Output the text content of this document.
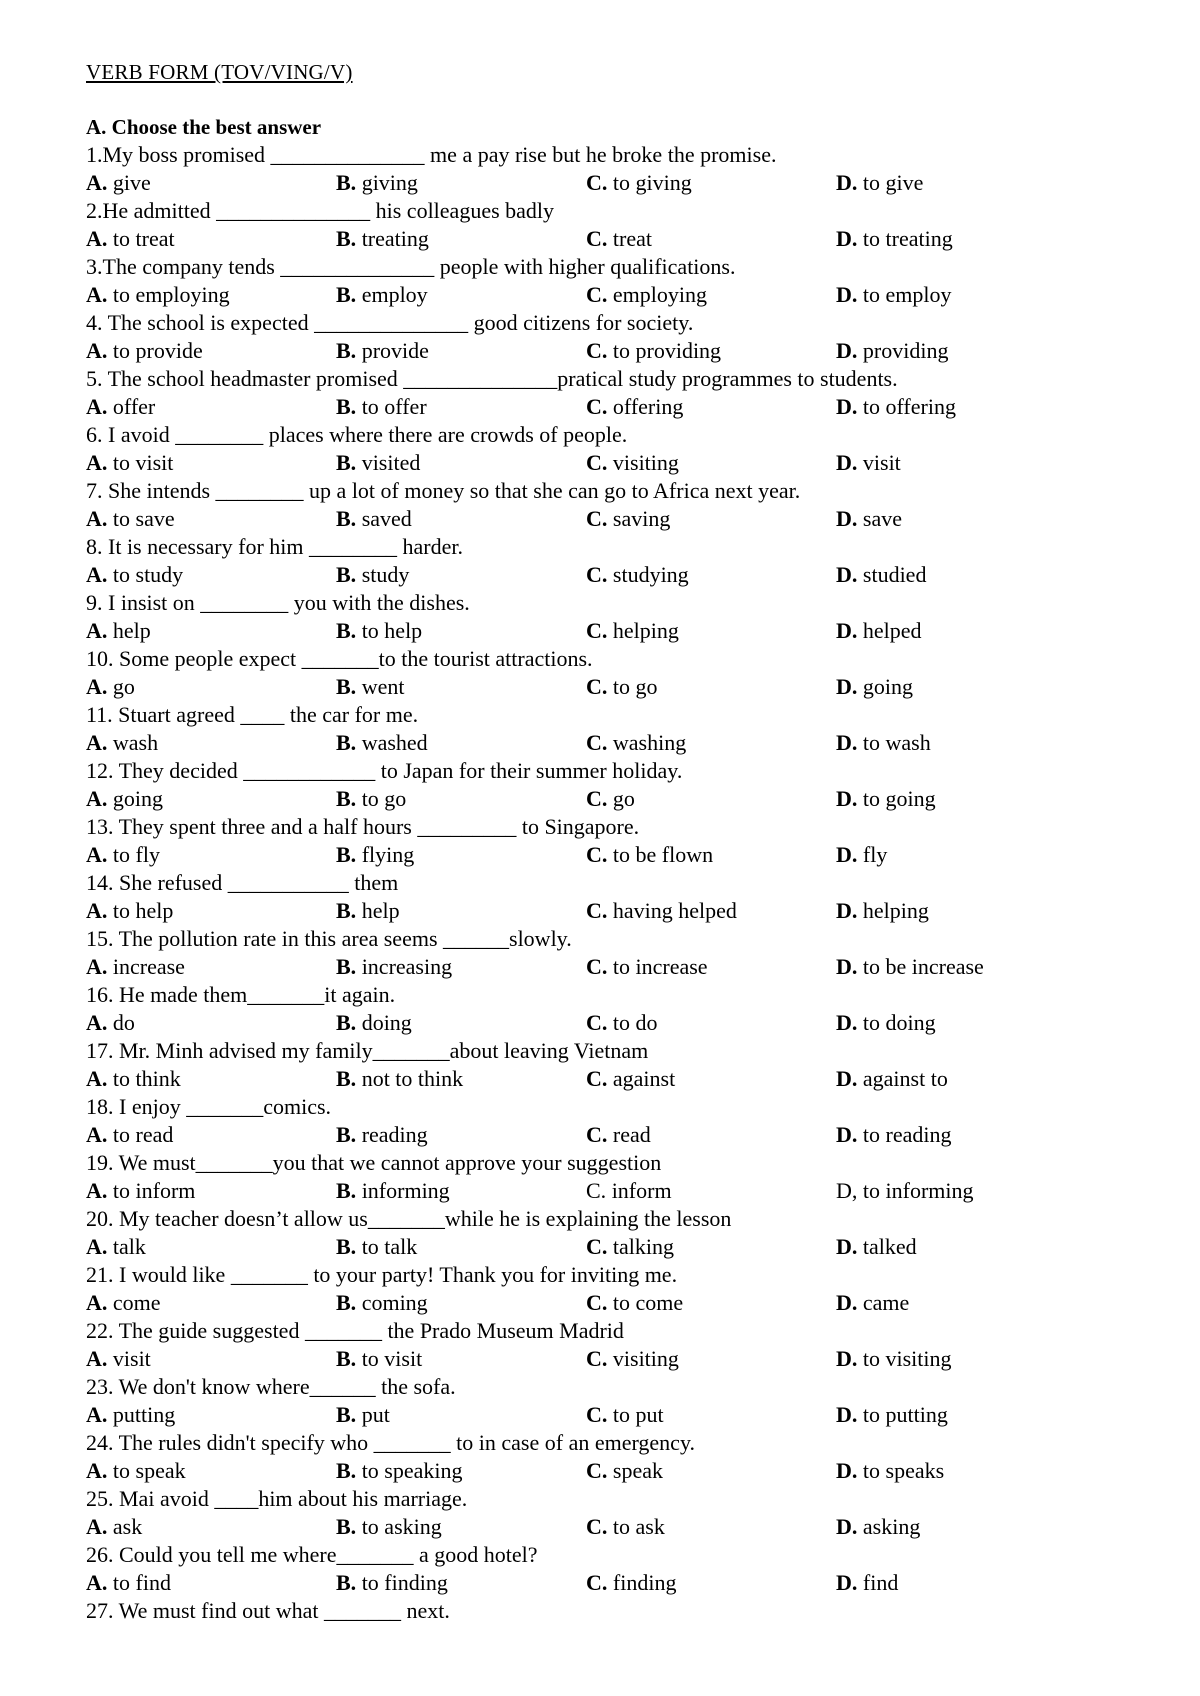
VERB FORM (TOV/VING/V)
A. Choose the best answer
1.My boss promised ______________ me a pay rise but he broke the promise.
A. give	B. giving	C. to giving	D. to give
2.He admitted ______________ his colleagues badly
A. to treat	B. treating	C. treat	D. to treating
3.The company tends ______________ people with higher qualifications.
A. to employing	B. employ	C. employing	D. to employ
4. The school is expected ______________ good citizens for society.
A. to provide	B. provide	C. to providing	D. providing
5. The school headmaster promised ______________pratical study programmes to students.
A. offer	B. to offer	C. offering	D. to offering
6. I avoid ________ places where there are crowds of people.
A. to visit	B. visited	C. visiting	D. visit
7. She intends ________ up a lot of money so that she can go to Africa next year.
A. to save	B. saved	C. saving	D. save
8. It is necessary for him ________ harder.
A. to study	B. study	C. studying	D. studied
9. I insist on ________ you with the dishes.
A. help	B. to help	C. helping	D. helped
10. Some people expect _______to the tourist attractions.
A. go	B. went	C. to go	D. going
11. Stuart agreed ____ the car for me.
A. wash	B. washed	C. washing	D. to wash
12. They decided ____________ to Japan for their summer holiday.
A. going	B. to go	C. go	D. to going
13. They spent three and a half hours _________ to Singapore.
A. to fly	B. flying	C. to be flown	D. fly
14. She refused ___________ them
A. to help	B. help	C. having helped	D. helping
15. The pollution rate in this area seems ______slowly.
A. increase	B. increasing	C. to increase	D. to be increase
16. He made them_______it again.
A. do	B. doing	C. to do	D. to doing
17. Mr. Minh advised my family_______about leaving Vietnam
A. to think	B. not to think	C. against	D. against to
18. I enjoy _______comics.
A. to read	B. reading	C. read	D. to reading
19. We must_______you that we cannot approve your suggestion
A. to inform	B. informing	C. inform	D, to informing
20. My teacher doesn’t allow us_______while he is explaining the lesson
A. talk	B. to talk	C. talking	D. talked
21. I would like _______ to your party! Thank you for inviting me.
A. come	B. coming	C. to come	D. came
22. The guide suggested _______ the Prado Museum Madrid
A. visit	B. to visit	C. visiting	D. to visiting
23. We don't know where______ the sofa.
A. putting	B. put	C. to put	D. to putting
24. The rules didn't specify who _______ to in case of an emergency.
A. to speak	B. to speaking	C. speak	D. to speaks
25. Mai avoid ____him about his marriage.
A. ask	B. to asking	C. to ask	D. asking
26. Could you tell me where_______ a good hotel?
A. to find	B. to finding	C. finding	D. find
27. We must find out what _______ next.
